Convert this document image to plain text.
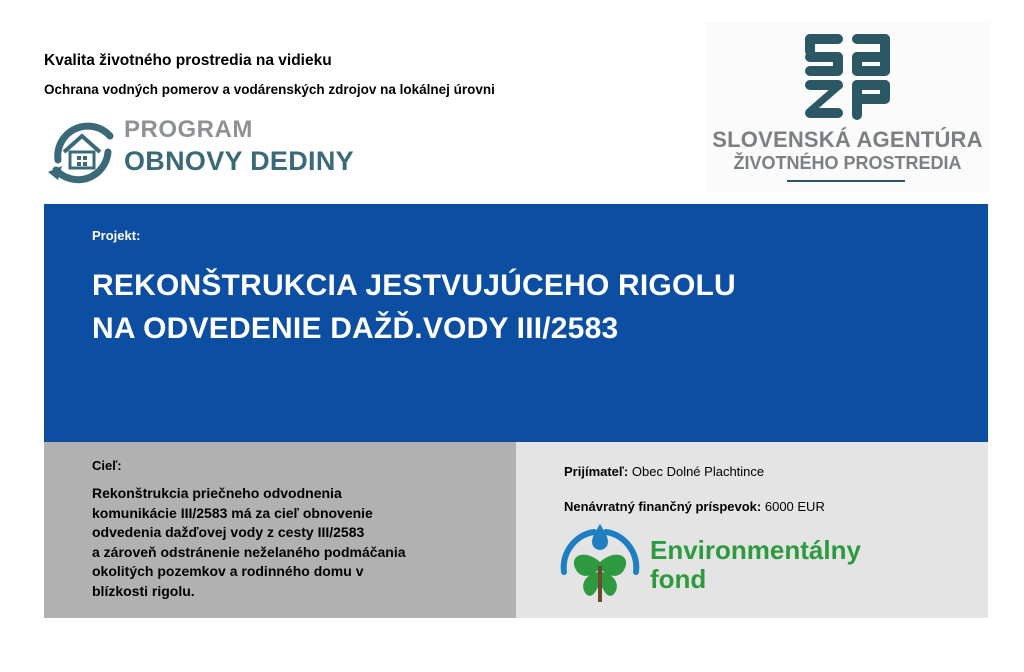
Kvalita životného prostredia na vidieku
Ochrana vodných pomerov a vodárenských zdrojov na lokálnej úrovni
PROGRAM
OBNOVY DEDINY
SLOVENSKÁ AGENTÚRA
ŽIVOTNÉHO PROSTREDIA
Projekt:
REKONŠTRUKCIA JESTVUJÚCEHO RIGOLU
NA ODVEDENIE DAŽĎ.VODY III/2583
Cieľ:
Rekonštrukcia priečneho odvodnenia
komunikácie III/2583 má za cieľ obnovenie
odvedenia dažďovej vody z cesty III/2583
a zároveň odstránenie neželaného podmáčania
okolitých pozemkov a rodinného domu v
blízkosti rigolu.
Prijímateľ: Obec Dolné Plachtince
Nenávratný finančný príspevok: 6000 EUR
Environmentálny
fond
